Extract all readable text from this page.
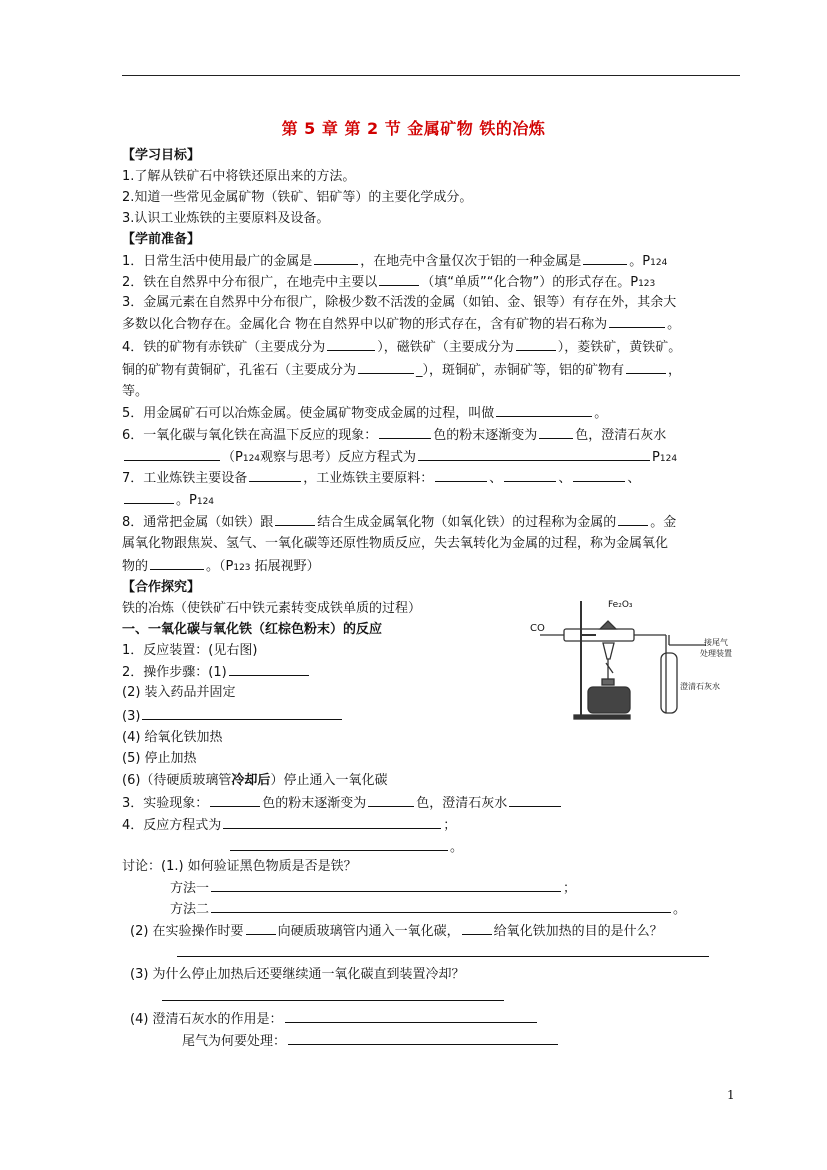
第 5 章 第 2 节 金属矿物 铁的冶炼
【学习目标】
1.了解从铁矿石中将铁还原出来的方法。
2.知道一些常见金属矿物（铁矿、铝矿等）的主要化学成分。
3.认识工业炼铁的主要原料及设备。
【学前准备】
1．日常生活中使用最广的金属是	，在地壳中含量仅次于铝的一种金属是	。P124
2．铁在自然界中分布很广，在地壳中主要以	（填“单质”“化合物”）的形式存在。P123
3．金属元素在自然界中分布很广，除极少数不活泼的金属（如铂、金、银等）有存在外，其余大
多数以化合物存在。金属化合 物在自然界中以矿物的形式存在，含有矿物的岩石称为	。
4．铁的矿物有赤铁矿（主要成分为	），磁铁矿（主要成分为	），菱铁矿，黄铁矿。
铜的矿物有黄铜矿，孔雀石（主要成分为	_），斑铜矿，赤铜矿等，铝的矿物有	，
等。
5．用金属矿石可以冶炼金属。使金属矿物变成金属的过程，叫做	。
6．一氧化碳与氧化铁在高温下反应的现象：	色的粉末逐渐变为	色，澄清石灰水
（P124观察与思考）反应方程式为	P124
7．工业炼铁主要设备	，工业炼铁主要原料：	、	、	、
。P124
8．通常把金属（如铁）跟	结合生成金属氧化物（如氧化铁）的过程称为金属的	。金
属氧化物跟焦炭、氢气、一氧化碳等还原性物质反应，失去氧转化为金属的过程，称为金属氧化
物的	。（P123 拓展视野）
【合作探究】
铁的冶炼（使铁矿石中铁元素转变成铁单质的过程）
一、一氧化碳与氧化铁（红棕色粉末）的反应
1．反应装置：(见右图)
2．操作步骤：(1)
(2) 装入药品并固定
(3)
(4) 给氧化铁加热
(5) 停止加热
(6)（待硬质玻璃管冷却后）停止通入一氧化碳
3．实验现象：	色的粉末逐渐变为	色，澄清石灰水
4．反应方程式为	；
。
讨论：(1.) 如何验证黑色物质是否是铁？
方法一	；
方法二	。
(2) 在实验操作时要	向硬质玻璃管内通入一氧化碳，	给氧化铁加热的目的是什么？
(3) 为什么停止加热后还要继续通一氧化碳直到装置冷却？
(4) 澄清石灰水的作用是：
尾气为何要处理：
CO
Fe₂O₃
接尾气
处理装置
澄清石灰水
1
